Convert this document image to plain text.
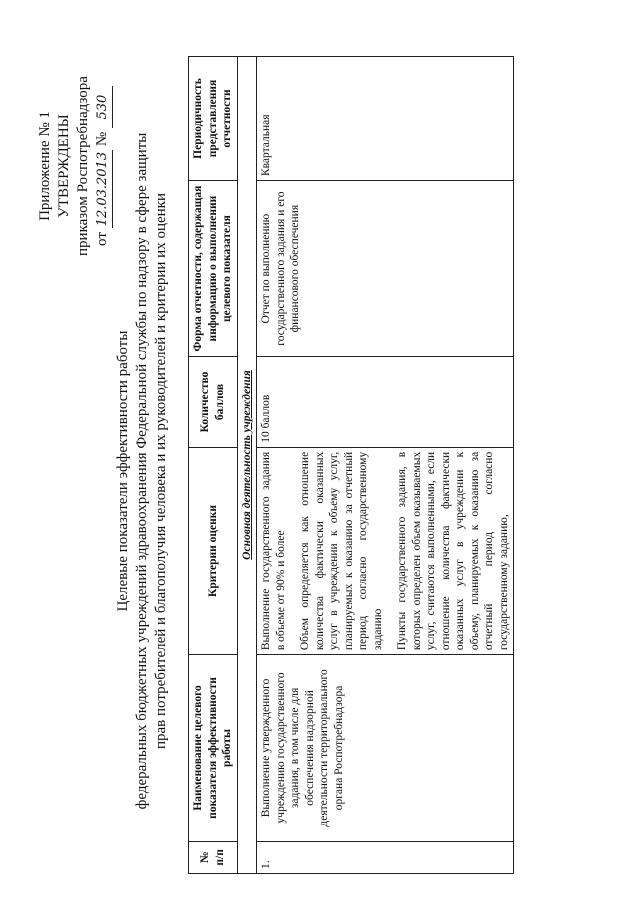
Приложение № 1 УТВЕРЖДЕНЫ приказом Роспотребнадзора от 12.03.2013 № 530
Целевые показатели эффективности работы федеральных бюджетных учреждений здравоохранения Федеральной службы по надзору в сфере защиты прав потребителей и благополучия человека и их руководителей и критерии их оценки
№ п/п	Наименование целевого показателя эффективности работы	Критерии оценки	Количество баллов	Форма отчетности, содержащая информацию о выполнении целевого показателя	Периодичность представления отчетности
Основная деятельность учреждения					
1.	Выполнение утвержденного учреждению государственного задания, в том числе для обеспечения надзорной деятельности территориального органа Роспотребнадзора	Выполнение государственного задания в объеме от 90% и более Объем определяется как отношение количества фактически оказанных услуг в учреждении к объему услуг, планируемых к оказанию за отчетный период согласно государственному заданию Пункты государственного задания, в которых определен объем оказываемых услуг, считаются выполненными, если отношение количества фактически оказанных услуг в учреждении к объему, планируемых к оказанию за отчетный период согласно государственному заданию,	10 баллов	Отчет по выполнению государственного задания и его финансового обеспечения	Квартальная
